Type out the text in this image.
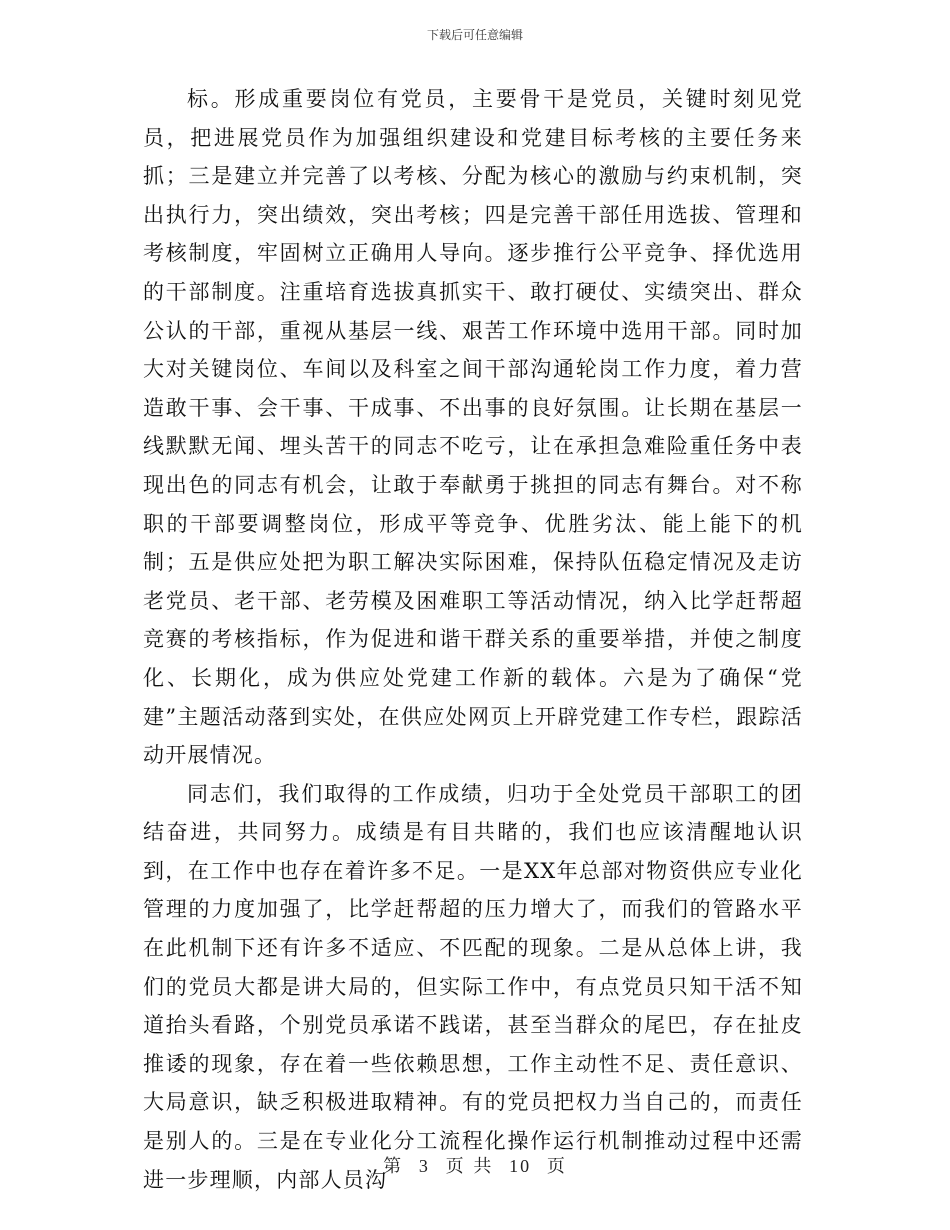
下载后可任意编辑

标。形成重要岗位有党员，主要骨干是党员，关键时刻见党员，把进展党员作为加强组织建设和党建目标考核的主要任务来抓；三是建立并完善了以考核、分配为核心的激励与约束机制，突出执行力，突出绩效，突出考核；四是完善干部任用选拔、管理和考核制度，牢固树立正确用人导向。逐步推行公平竞争、择优选用的干部制度。注重培育选拔真抓实干、敢打硬仗、实绩突出、群众公认的干部，重视从基层一线、艰苦工作环境中选用干部。同时加大对关键岗位、车间以及科室之间干部沟通轮岗工作力度，着力营造敢干事、会干事、干成事、不出事的良好氛围。让长期在基层一线默默无闻、埋头苦干的同志不吃亏，让在承担急难险重任务中表现出色的同志有机会，让敢于奉献勇于挑担的同志有舞台。对不称职的干部要调整岗位，形成平等竞争、优胜劣汰、能上能下的机制；五是供应处把为职工解决实际困难，保持队伍稳定情况及走访老党员、老干部、老劳模及困难职工等活动情况，纳入比学赶帮超竞赛的考核指标，作为促进和谐干群关系的重要举措，并使之制度化、长期化，成为供应处党建工作新的载体。六是为了确保“党建”主题活动落到实处，在供应处网页上开辟党建工作专栏，跟踪活动开展情况。

同志们，我们取得的工作成绩，归功于全处党员干部职工的团结奋进，共同努力。成绩是有目共睹的，我们也应该清醒地认识到，在工作中也存在着许多不足。一是XX年总部对物资供应专业化管理的力度加强了，比学赶帮超的压力增大了，而我们的管路水平在此机制下还有许多不适应、不匹配的现象。二是从总体上讲，我们的党员大都是讲大局的，但实际工作中，有点党员只知干活不知道抬头看路，个别党员承诺不践诺，甚至当群众的尾巴，存在扯皮推诿的现象，存在着一些依赖思想，工作主动性不足、责任意识、大局意识，缺乏积极进取精神。有的党员把权力当自己的，而责任是别人的。三是在专业化分工流程化操作运行机制推动过程中还需进一步理顺，内部人员沟

第 3 页 共 10 页
